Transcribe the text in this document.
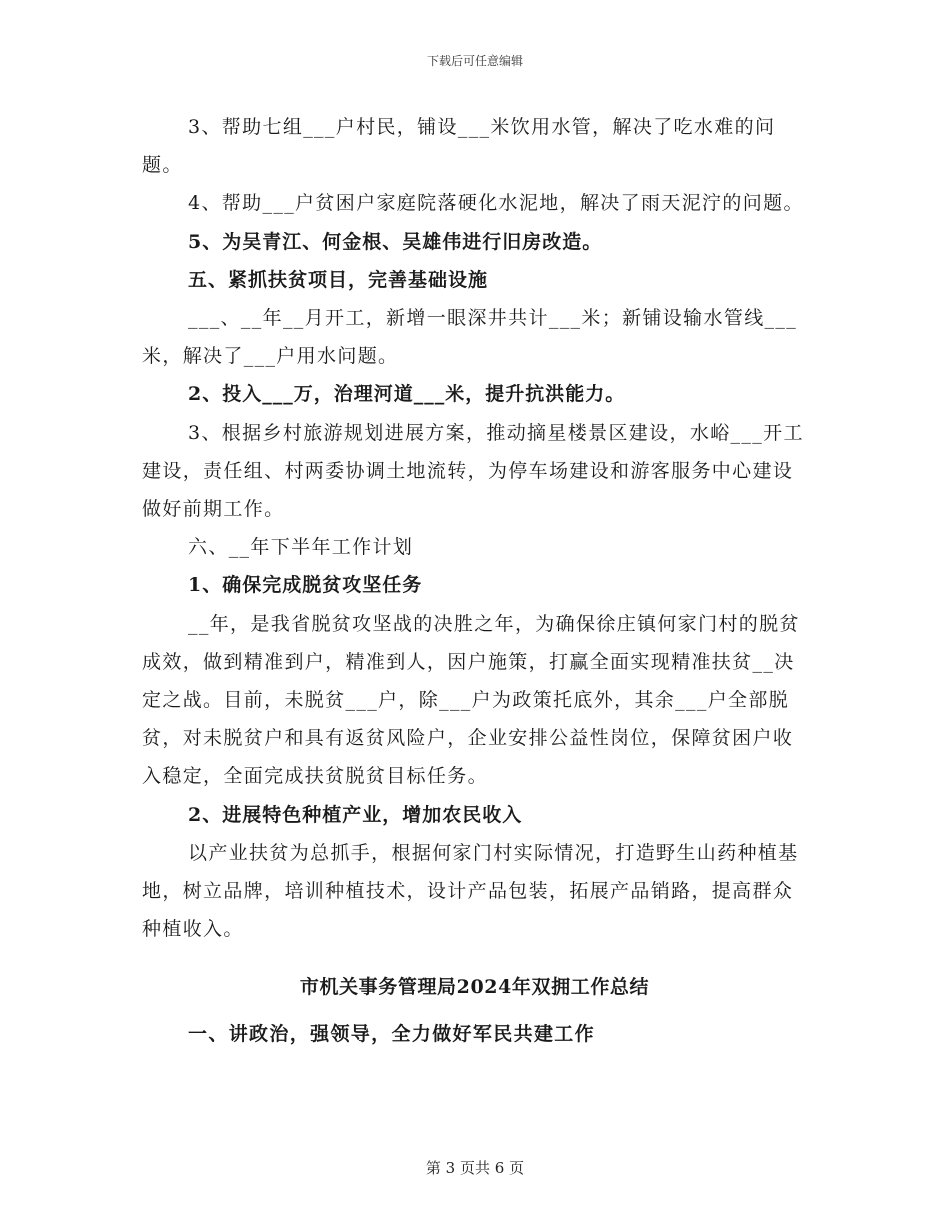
下载后可任意编辑

3、帮助七组___户村民，铺设___米饮用水管，解决了吃水难的问题。

4、帮助___户贫困户家庭院落硬化水泥地，解决了雨天泥泞的问题。

5、为吴青江、何金根、吴雄伟进行旧房改造。

五、紧抓扶贫项目，完善基础设施

___、__年__月开工，新增一眼深井共计___米；新铺设输水管线___米，解决了___户用水问题。

2、投入___万，治理河道___米，提升抗洪能力。

3、根据乡村旅游规划进展方案，推动摘星楼景区建设，水峪___开工建设，责任组、村两委协调土地流转，为停车场建设和游客服务中心建设做好前期工作。

六、__年下半年工作计划

1、确保完成脱贫攻坚任务

__年，是我省脱贫攻坚战的决胜之年，为确保徐庄镇何家门村的脱贫成效，做到精准到户，精准到人，因户施策，打赢全面实现精准扶贫__决定之战。目前，未脱贫___户，除___户为政策托底外，其余___户全部脱贫，对未脱贫户和具有返贫风险户，企业安排公益性岗位，保障贫困户收入稳定，全面完成扶贫脱贫目标任务。

2、进展特色种植产业，增加农民收入

以产业扶贫为总抓手，根据何家门村实际情况，打造野生山药种植基地，树立品牌，培训种植技术，设计产品包装，拓展产品销路，提高群众种植收入。

市机关事务管理局2024年双拥工作总结

一、讲政治，强领导，全力做好军民共建工作

第 3 页共 6 页
